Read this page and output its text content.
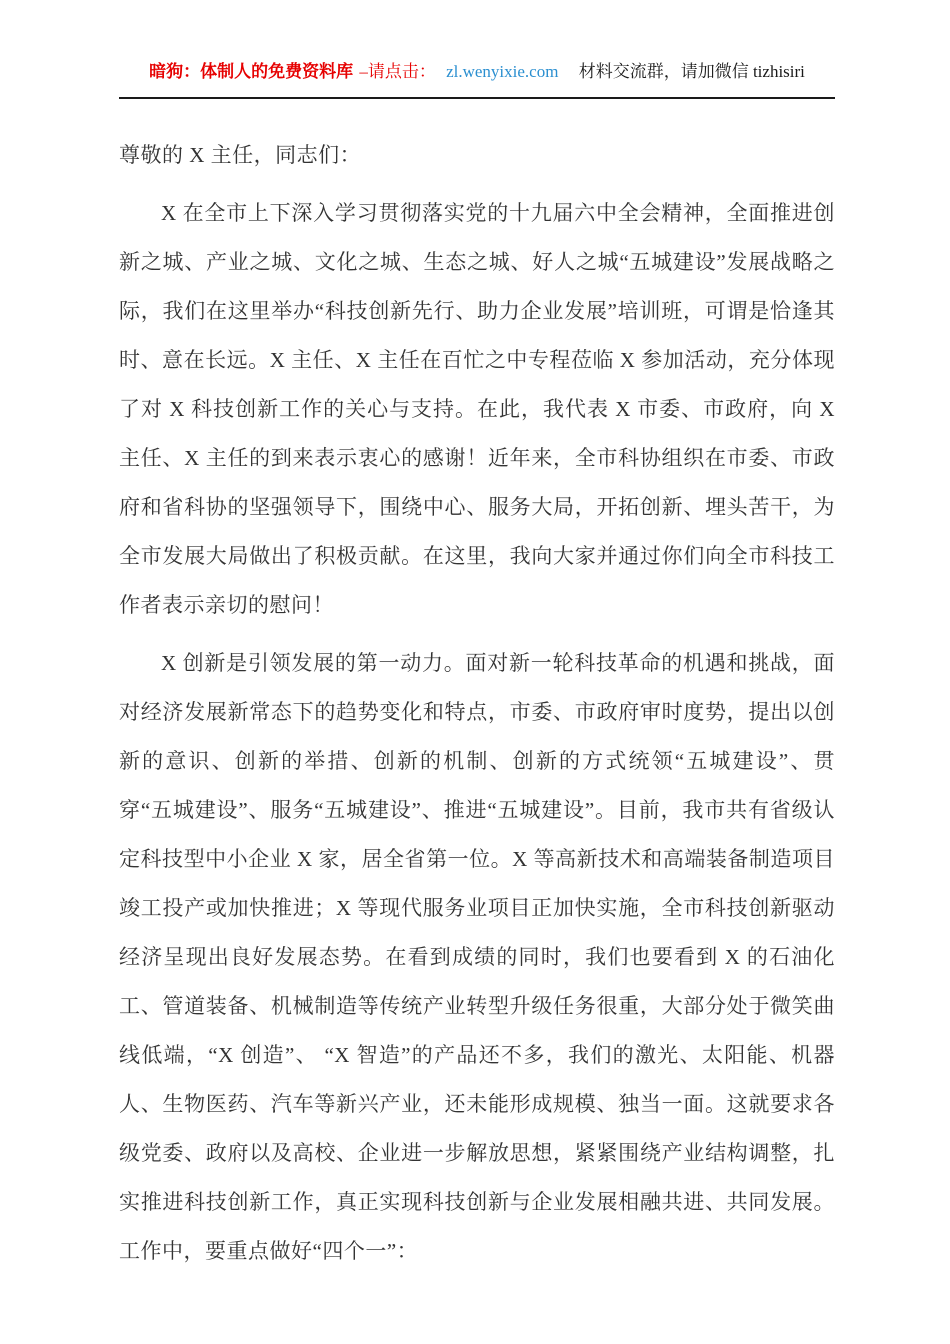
暗狗：体制人的免费资料库 –请点击： zl.wenyixie.com 材料交流群，请加微信 tizhisiri

尊敬的 X 主任，同志们：

X 在全市上下深入学习贯彻落实党的十九届六中全会精神，全面推进创新之城、产业之城、文化之城、生态之城、好人之城“五城建设”发展战略之际，我们在这里举办“科技创新先行、助力企业发展”培训班，可谓是恰逢其时、意在长远。X 主任、X 主任在百忙之中专程莅临 X 参加活动，充分体现了对 X 科技创新工作的关心与支持。在此，我代表 X 市委、市政府，向 X 主任、X 主任的到来表示衷心的感谢！近年来，全市科协组织在市委、市政府和省科协的坚强领导下，围绕中心、服务大局，开拓创新、埋头苦干，为全市发展大局做出了积极贡献。在这里，我向大家并通过你们向全市科技工作者表示亲切的慰问！

X 创新是引领发展的第一动力。面对新一轮科技革命的机遇和挑战，面对经济发展新常态下的趋势变化和特点，市委、市政府审时度势，提出以创新的意识、创新的举措、创新的机制、创新的方式统领“五城建设”、贯穿“五城建设”、服务“五城建设”、推进“五城建设”。目前，我市共有省级认定科技型中小企业 X 家，居全省第一位。X 等高新技术和高端装备制造项目竣工投产或加快推进；X 等现代服务业项目正加快实施，全市科技创新驱动经济呈现出良好发展态势。在看到成绩的同时，我们也要看到 X 的石油化工、管道装备、机械制造等传统产业转型升级任务很重，大部分处于微笑曲线低端，“X 创造”、 “X 智造”的产品还不多，我们的激光、太阳能、机器人、生物医药、汽车等新兴产业，还未能形成规模、独当一面。这就要求各级党委、政府以及高校、企业进一步解放思想，紧紧围绕产业结构调整，扎实推进科技创新工作，真正实现科技创新与企业发展相融共进、共同发展。工作中，要重点做好“四个一”：
